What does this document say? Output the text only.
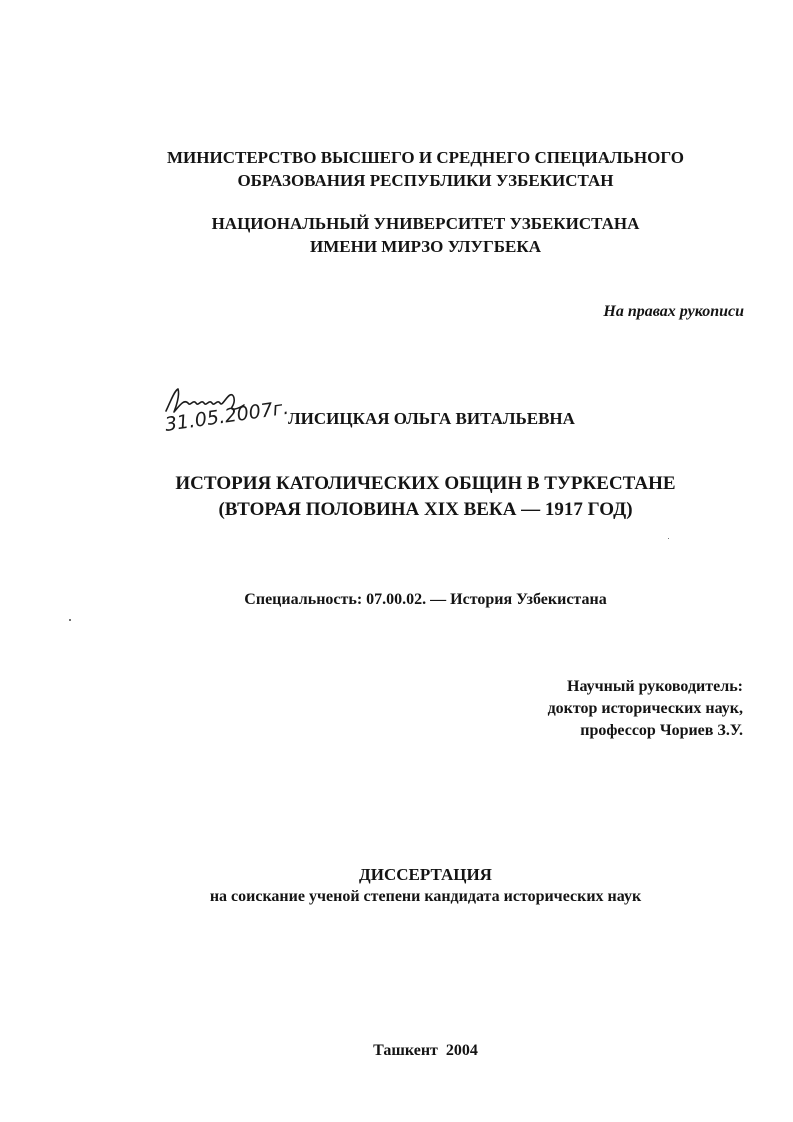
МИНИСТЕРСТВО ВЫСШЕГО И СРЕДНЕГО СПЕЦИАЛЬНОГО
ОБРАЗОВАНИЯ РЕСПУБЛИКИ УЗБЕКИСТАН
НАЦИОНАЛЬНЫЙ УНИВЕРСИТЕТ УЗБЕКИСТАНА
ИМЕНИ МИРЗО УЛУГБЕКА
На правах рукописи
31.05.2007г.
ЛИСИЦКАЯ ОЛЬГА ВИТАЛЬЕВНА
ИСТОРИЯ КАТОЛИЧЕСКИХ ОБЩИН В ТУРКЕСТАНЕ
(ВТОРАЯ ПОЛОВИНА XIX ВЕКА — 1917 ГОД)
Специальность: 07.00.02. — История Узбекистана
Научный руководитель:
доктор исторических наук,
профессор Чориев З.У.
ДИССЕРТАЦИЯ
на соискание ученой степени кандидата исторических наук
Ташкент  2004
